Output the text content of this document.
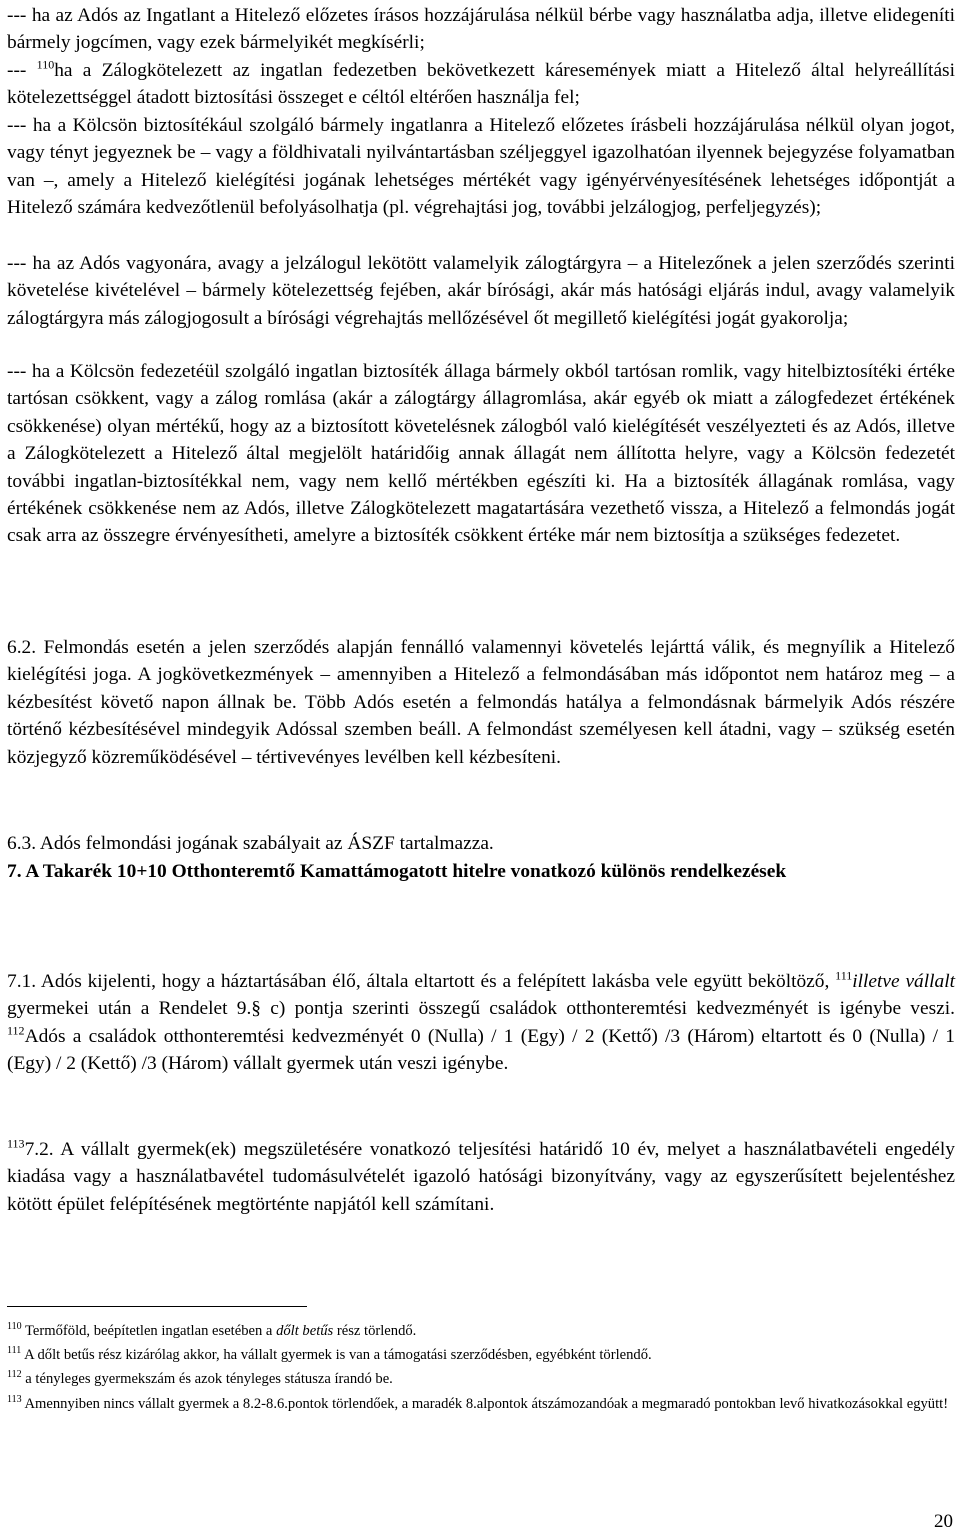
--- ha az Adós az Ingatlant a Hitelező előzetes írásos hozzájárulása nélkül bérbe vagy használatba adja, illetve elidegeníti bármely jogcímen, vagy ezek bármelyikét megkísérli;

--- $^{110}$ha a Zálogkötelezett az ingatlan fedezetben bekövetkezett káresemények miatt a Hitelező által helyreállítási kötelezettséggel átadott biztosítási összeget e céltól eltérően használja fel;

--- ha a Kölcsön biztosítékául szolgáló bármely ingatlanra a Hitelező előzetes írásbeli hozzájárulása nélkül olyan jogot, vagy tényt jegyeznek be – vagy a földhivatali nyilvántartásban széljeggyel igazolhatóan ilyennek bejegyzése folyamatban van –, amely a Hitelező kielégítési jogának lehetséges mértékét vagy igényérvényesítésének lehetséges időpontját a Hitelező számára kedvezőtlenül befolyásolhatja (pl. végrehajtási jog, további jelzálogjog, perfeljegyzés);

--- ha az Adós vagyonára, avagy a jelzálogul lekötött valamelyik zálogtárgyra – a Hitelezőnek a jelen szerződés szerinti követelése kivételével – bármely kötelezettség fejében, akár bírósági, akár más hatósági eljárás indul, avagy valamelyik zálogtárgyra más zálogjogosult a bírósági végrehajtás mellőzésével őt megillető kielégítési jogát gyakorolja;

--- ha a Kölcsön fedezetéül szolgáló ingatlan biztosíték állaga bármely okból tartósan romlik, vagy hitelbiztosítéki értéke tartósan csökkent, vagy a zálog romlása (akár a zálogtárgy állagromlása, akár egyéb ok miatt a zálogfedezet értékének csökkenése) olyan mértékű, hogy az a biztosított követelésnek zálogból való kielégítését veszélyezteti és az Adós, illetve a Zálogkötelezett a Hitelező által megjelölt határidőig annak állagát nem állította helyre, vagy a Kölcsön fedezetét további ingatlan-biztosítékkal nem, vagy nem kellő mértékben egészíti ki. Ha a biztosíték állagának romlása, vagy értékének csökkenése nem az Adós, illetve Zálogkötelezett magatartására vezethető vissza, a Hitelező a felmondás jogát csak arra az összegre érvényesítheti, amelyre a biztosíték csökkent értéke már nem biztosítja a szükséges fedezetet.

6.2. Felmondás esetén a jelen szerződés alapján fennálló valamennyi követelés lejárttá válik, és megnyílik a Hitelező kielégítési joga. A jogkövetkezmények – amennyiben a Hitelező a felmondásában más időpontot nem határoz meg – a kézbesítést követő napon állnak be. Több Adós esetén a felmondás hatálya a felmondásnak bármelyik Adós részére történő kézbesítésével mindegyik Adóssal szemben beáll. A felmondást személyesen kell átadni, vagy – szükség esetén közjegyző közreműködésével – tértivevényes levélben kell kézbesíteni.

6.3. Adós felmondási jogának szabályait az ÁSZF tartalmazza.

7. A Takarék 10+10 Otthonteremtő Kamattámogatott hitelre vonatkozó különös rendelkezések

7.1. Adós kijelenti, hogy a háztartásában élő, általa eltartott és a felépített lakásba vele együtt beköltöző, $^{111}$illetve vállalt gyermekei után a Rendelet 9.§ c) pontja szerinti összegű családok otthonteremtési kedvezményét is igénybe veszi. $^{112}$Adós a családok otthonteremtési kedvezményét 0 (Nulla) / 1 (Egy) / 2 (Kettő) /3 (Három) eltartott és 0 (Nulla) / 1 (Egy) / 2 (Kettő) /3 (Három) vállalt gyermek után veszi igénybe.

$^{113}$7.2. A vállalt gyermek(ek) megszületésére vonatkozó teljesítési határidő 10 év, melyet a használatbavételi engedély kiadása vagy a használatbavétel tudomásulvételét igazoló hatósági bizonyítvány, vagy az egyszerűsített bejelentéshez kötött épület felépítésének megtörténte napjától kell számítani.

$^{110}$ Termőföld, beépítetlen ingatlan esetében a dőlt betűs rész törlendő.

$^{111}$ A dőlt betűs rész kizárólag akkor, ha vállalt gyermek is van a támogatási szerződésben, egyébként törlendő.

$^{112}$ a tényleges gyermekszám és azok tényleges státusza írandó be.

$^{113}$ Amennyiben nincs vállalt gyermek a 8.2-8.6.pontok törlendőek, a maradék 8.alpontok átszámozandóak a megmaradó pontokban levő hivatkozásokkal együtt!

20
